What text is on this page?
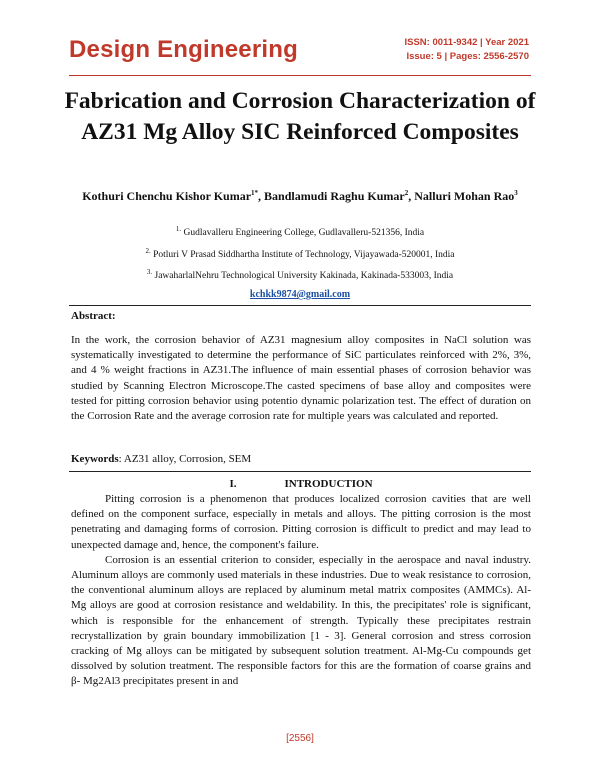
Design Engineering	ISSN: 0011-9342 | Year 2021
Issue: 5 | Pages: 2556-2570
Fabrication and Corrosion Characterization of AZ31 Mg Alloy SIC Reinforced Composites
Kothuri Chenchu Kishor Kumar$^{1*}$, Bandlamudi Raghu Kumar$^2$, Nalluri Mohan Rao$^3$
$^{1.}$ Gudlavalleru Engineering College, Gudlavalleru-521356, India
$^{2.}$ Potluri V Prasad Siddhartha Institute of Technology, Vijayawada-520001, India
$^{3.}$ JawaharlalNehru Technological University Kakinada, Kakinada-533003, India
kchkk9874@gmail.com
Abstract:

In the work, the corrosion behavior of AZ31 magnesium alloy composites in NaCl solution was systematically investigated to determine the performance of SiC particulates reinforced with 2%, 3%, and 4 % weight fractions in AZ31.The influence of main essential phases of corrosion behavior was studied by Scanning Electron Microscope.The casted specimens of base alloy and composites were tested for pitting corrosion behavior using potentio dynamic polarization test. The effect of duration on the Corrosion Rate and the average corrosion rate for multiple years was calculated and reported.

Keywords: AZ31 alloy, Corrosion, SEM
I.	INTRODUCTION

Pitting corrosion is a phenomenon that produces localized corrosion cavities that are well defined on the component surface, especially in metals and alloys. The pitting corrosion is the most penetrating and damaging forms of corrosion. Pitting corrosion is difficult to predict and may lead to unexpected damage and, hence, the component's failure.

Corrosion is an essential criterion to consider, especially in the aerospace and naval industry. Aluminum alloys are commonly used materials in these industries. Due to weak resistance to corrosion, the conventional aluminum alloys are replaced by aluminum metal matrix composites (AMMCs). Al-Mg alloys are good at corrosion resistance and weldability. In this, the precipitates' role is significant, which is responsible for the enhancement of strength. Typically these precipitates restrain recrystallization by grain boundary immobilization [1 - 3]. General corrosion and stress corrosion cracking of Mg alloys can be mitigated by subsequent solution treatment. Al-Mg-Cu compounds get dissolved by solution treatment. The responsible factors for this are the formation of coarse grains and β- Mg2Al3 precipitates present in and

[2556]
